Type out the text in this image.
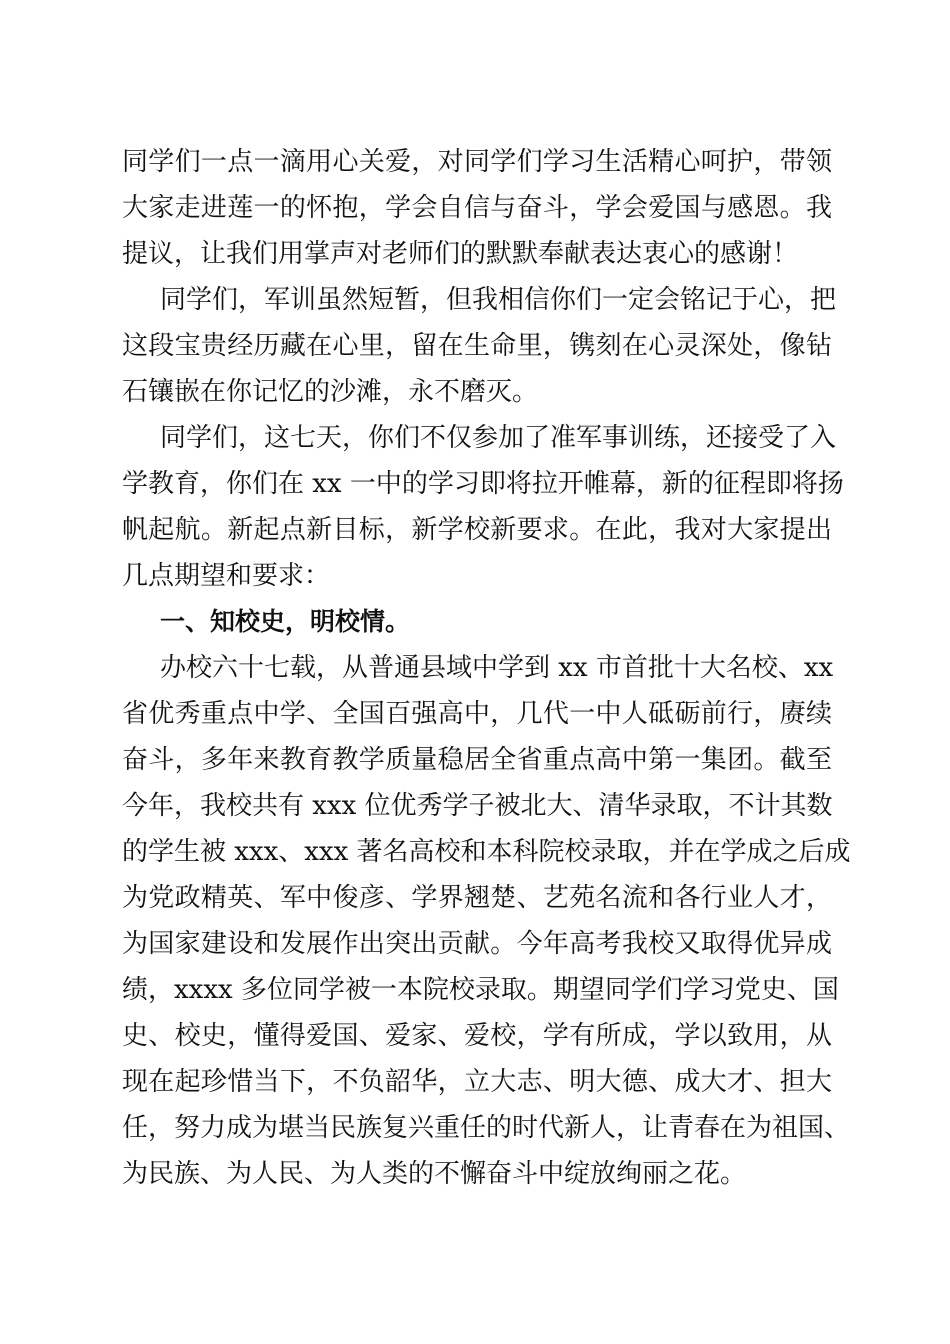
同学们一点一滴用心关爱，对同学们学习生活精心呵护，带领
大家走进莲一的怀抱，学会自信与奋斗，学会爱国与感恩。我
提议，让我们用掌声对老师们的默默奉献表达衷心的感谢！
同学们，军训虽然短暂，但我相信你们一定会铭记于心，把
这段宝贵经历藏在心里，留在生命里，镌刻在心灵深处，像钻
石镶嵌在你记忆的沙滩，永不磨灭。
同学们，这七天，你们不仅参加了准军事训练，还接受了入
学教育，你们在 xx 一中的学习即将拉开帷幕，新的征程即将扬
帆起航。新起点新目标，新学校新要求。在此，我对大家提出
几点期望和要求：
一、知校史，明校情。
办校六十七载，从普通县域中学到 xx 市首批十大名校、xx
省优秀重点中学、全国百强高中，几代一中人砥砺前行，赓续
奋斗，多年来教育教学质量稳居全省重点高中第一集团。截至
今年，我校共有 xxx 位优秀学子被北大、清华录取，不计其数
的学生被 xxx、xxx 著名高校和本科院校录取，并在学成之后成
为党政精英、军中俊彦、学界翘楚、艺苑名流和各行业人才，
为国家建设和发展作出突出贡献。今年高考我校又取得优异成
绩，xxxx 多位同学被一本院校录取。期望同学们学习党史、国
史、校史，懂得爱国、爱家、爱校，学有所成，学以致用，从
现在起珍惜当下，不负韶华，立大志、明大德、成大才、担大
任，努力成为堪当民族复兴重任的时代新人，让青春在为祖国、
为民族、为人民、为人类的不懈奋斗中绽放绚丽之花。
